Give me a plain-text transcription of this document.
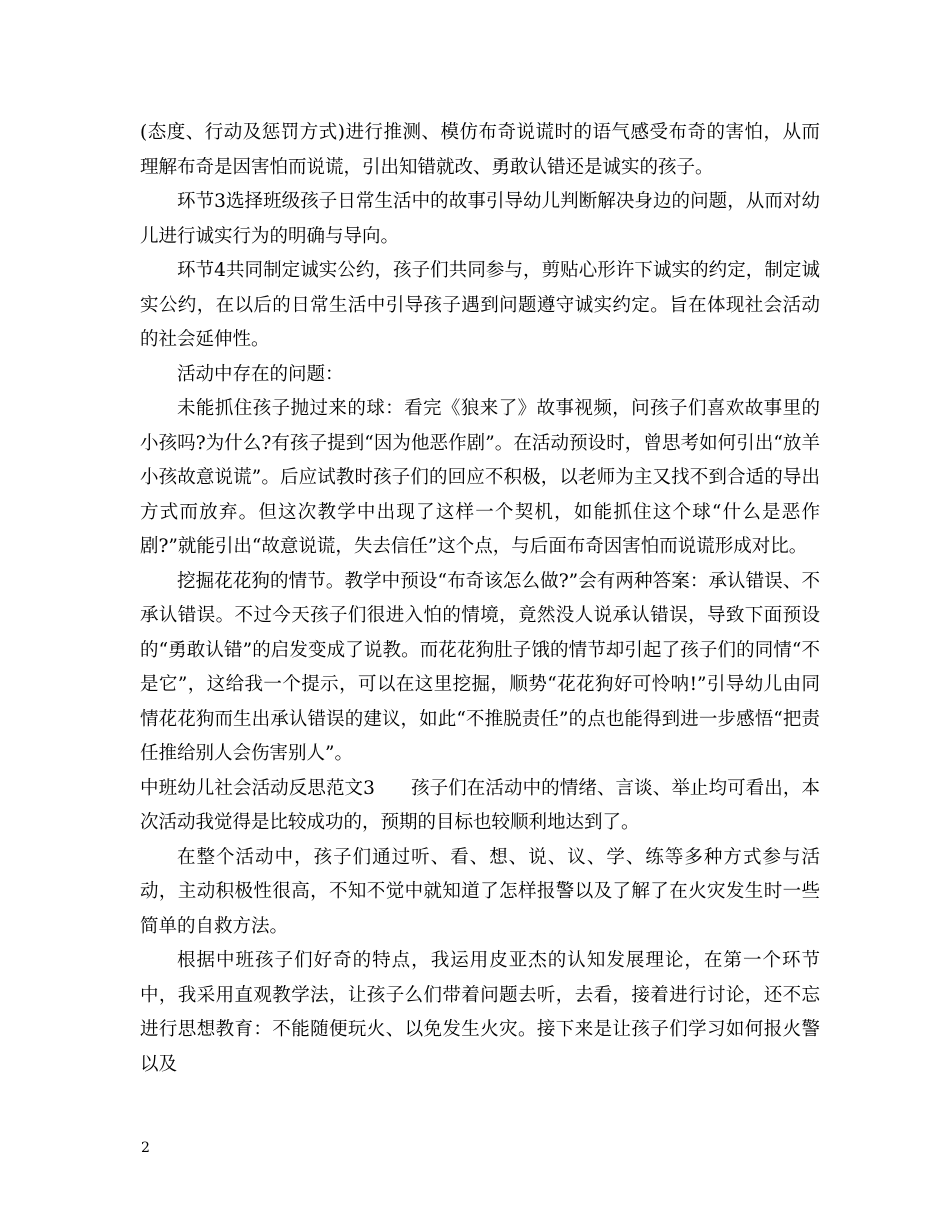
(态度、行动及惩罚方式)进行推测、模仿布奇说谎时的语气感受布奇的害怕，从而理解布奇是因害怕而说谎，引出知错就改、勇敢认错还是诚实的孩子。

环节3选择班级孩子日常生活中的故事引导幼儿判断解决身边的问题，从而对幼儿进行诚实行为的明确与导向。

环节4共同制定诚实公约，孩子们共同参与，剪贴心形许下诚实的约定，制定诚实公约，在以后的日常生活中引导孩子遇到问题遵守诚实约定。旨在体现社会活动的社会延伸性。

活动中存在的问题：

未能抓住孩子抛过来的球：看完《狼来了》故事视频，问孩子们喜欢故事里的小孩吗?为什么?有孩子提到“因为他恶作剧”。在活动预设时，曾思考如何引出“放羊小孩故意说谎”。后应试教时孩子们的回应不积极，以老师为主又找不到合适的导出方式而放弃。但这次教学中出现了这样一个契机，如能抓住这个球“什么是恶作剧?”就能引出“故意说谎，失去信任”这个点，与后面布奇因害怕而说谎形成对比。

挖掘花花狗的情节。教学中预设“布奇该怎么做?”会有两种答案：承认错误、不承认错误。不过今天孩子们很进入怕的情境，竟然没人说承认错误，导致下面预设的“勇敢认错”的启发变成了说教。而花花狗肚子饿的情节却引起了孩子们的同情“不是它”，这给我一个提示，可以在这里挖掘，顺势“花花狗好可怜呐!”引导幼儿由同情花花狗而生出承认错误的建议，如此“不推脱责任”的点也能得到进一步感悟“把责任推给别人会伤害别人”。

中班幼儿社会活动反思范文3 孩子们在活动中的情绪、言谈、举止均可看出，本次活动我觉得是比较成功的，预期的目标也较顺利地达到了。

在整个活动中，孩子们通过听、看、想、说、议、学、练等多种方式参与活动，主动积极性很高，不知不觉中就知道了怎样报警以及了解了在火灾发生时一些简单的自救方法。

根据中班孩子们好奇的特点，我运用皮亚杰的认知发展理论，在第一个环节中，我采用直观教学法，让孩子么们带着问题去听，去看，接着进行讨论，还不忘进行思想教育：不能随便玩火、以免发生火灾。接下来是让孩子们学习如何报火警以及

2
